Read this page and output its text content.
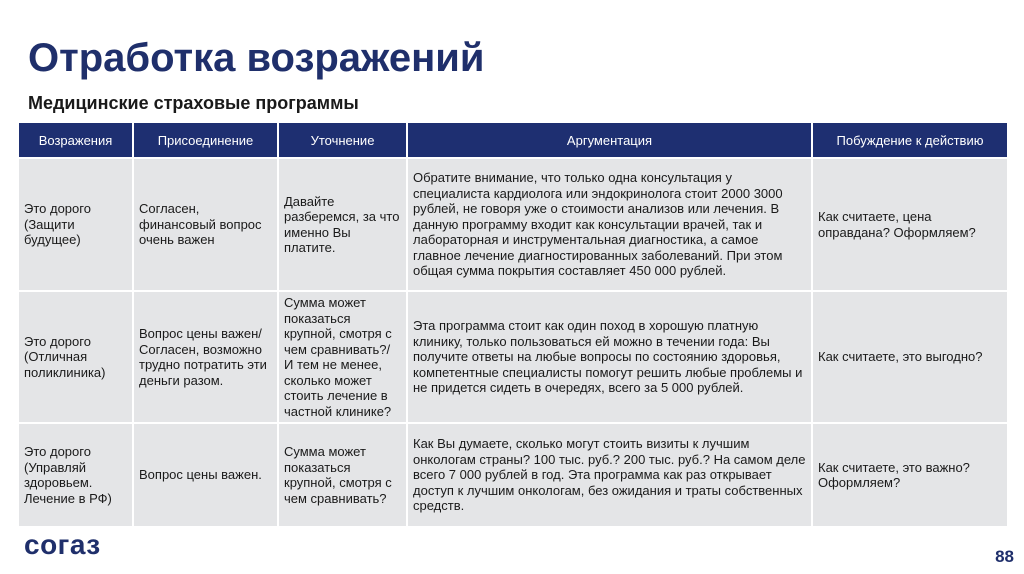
Отработка возражений
Медицинские страховые программы
Возражения	Присоединение	Уточнение	Аргументация	Побуждение к действию
Это дорого (Защити будущее)	Согласен, финансовый вопрос очень важен	Давайте разберемся, за что именно Вы платите.	Обратите внимание, что только одна консультация у специалиста кардиолога или эндокринолога стоит 2000 3000 рублей, не говоря уже о стоимости анализов или лечения. В данную программу входит как консультации врачей, так и лабораторная и инструментальная диагностика, а самое главное лечение диагностированных заболеваний. При этом общая сумма покрытия составляет 450 000 рублей.	Как считаете, цена оправдана? Оформляем?
Это дорого (Отличная поликлиника)	Вопрос цены важен/ Согласен, возможно трудно потратить эти деньги разом.	Сумма может показаться крупной, смотря с чем сравнивать?/ И тем не менее, сколько может стоить лечение в частной клинике?	Эта программа стоит как один поход в хорошую платную клинику, только пользоваться ей можно в течении года: Вы получите ответы на любые вопросы по состоянию здоровья, компетентные специалисты помогут решить любые проблемы и не придется сидеть в очередях, всего за 5 000 рублей.	Как считаете, это выгодно?
Это дорого (Управляй здоровьем. Лечение в РФ)	Вопрос цены важен.	Сумма может показаться крупной, смотря с чем сравнивать?	Как Вы думаете, сколько могут стоить визиты к лучшим онкологам страны? 100 тыс. руб.? 200 тыс. руб.? На самом деле всего 7 000 рублей в год. Эта программа как раз открывает доступ к лучшим онкологам, без ожидания и траты собственных средств.	Как считаете, это важно? Оформляем?
согаз	88
